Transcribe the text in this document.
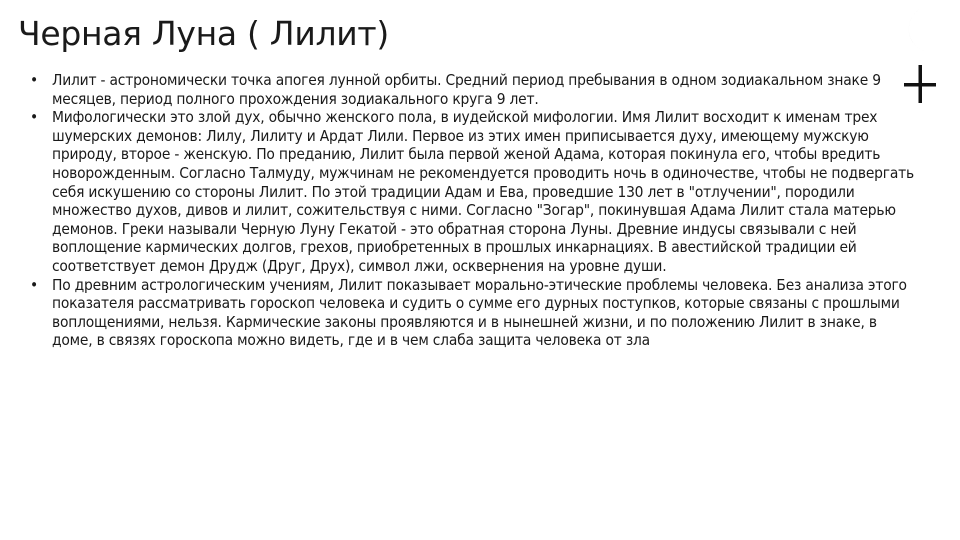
Черная Луна ( Лилит)
• Лилит - астрономически точка апогея лунной орбиты. Средний период пребывания в одном зодиакальном знаке 9 месяцев, период полного прохождения зодиакального круга 9 лет.
• Мифологически это злой дух, обычно женского пола, в иудейской мифологии. Имя Лилит восходит к именам трех шумерских демонов: Лилу, Лилиту и Ардат Лили. Первое из этих имен приписывается духу, имеющему мужскую природу, второе - женскую. По преданию, Лилит была первой женой Адама, которая покинула его, чтобы вредить новорожденным. Согласно Талмуду, мужчинам не рекомендуется проводить ночь в одиночестве, чтобы не подвергать себя искушению со стороны Лилит. По этой традиции Адам и Ева, проведшие 130 лет в "отлучении", породили множество духов, дивов и лилит, сожительствуя с ними. Согласно "Зогар", покинувшая Адама Лилит стала матерью демонов. Греки называли Черную Луну Гекатой - это обратная сторона Луны. Древние индусы связывали с ней воплощение кармических долгов, грехов, приобретенных в прошлых инкарнациях. В авестийской традиции ей соответствует демон Друдж (Друг, Друх), символ лжи, осквернения на уровне души.
• По древним астрологическим учениям, Лилит показывает морально-этические проблемы человека. Без анализа этого показателя рассматривать гороскоп человека и судить о сумме его дурных поступков, которые связаны с прошлыми воплощениями, нельзя. Кармические законы проявляются и в нынешней жизни, и по положению Лилит в знаке, в доме, в связях гороскопа можно видеть, где и в чем слаба защита человека от зла
